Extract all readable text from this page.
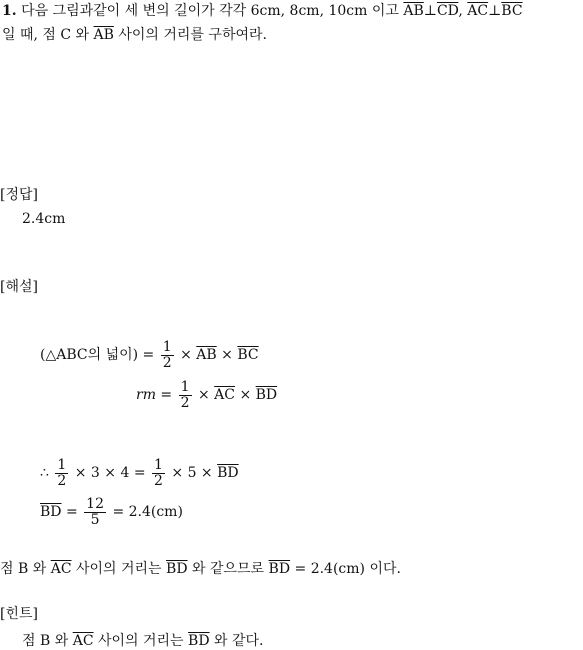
1. 다음 그림과같이 세 변의 길이가 각각 6cm, 8cm, 10cm 이고 $\overline{AB}\perp\overline{CD}$, $\overline{AC}\perp\overline{BC}$
일 때, 점 C 와 $\overline{AB}$ 사이의 거리를 구하여라.
[정답]
2.4cm
[해설]
(△ABC의 넓이) = $\frac{1}{2} \times \overline{AB} \times \overline{BC}$
rm = $\frac{1}{2} \times \overline{AC} \times \overline{BD}$
∴ $\frac{1}{2} \times 3 \times 4 = \frac{1}{2} \times 5 \times \overline{BD}$
$\overline{BD} = \frac{12}{5} = 2.4(cm)$
점 B 와 $\overline{AC}$ 사이의 거리는 $\overline{BD}$ 와 같으므로 $\overline{BD} = 2.4(cm)$ 이다.
[힌트]
점 B 와 $\overline{AC}$ 사이의 거리는 $\overline{BD}$ 와 같다.
